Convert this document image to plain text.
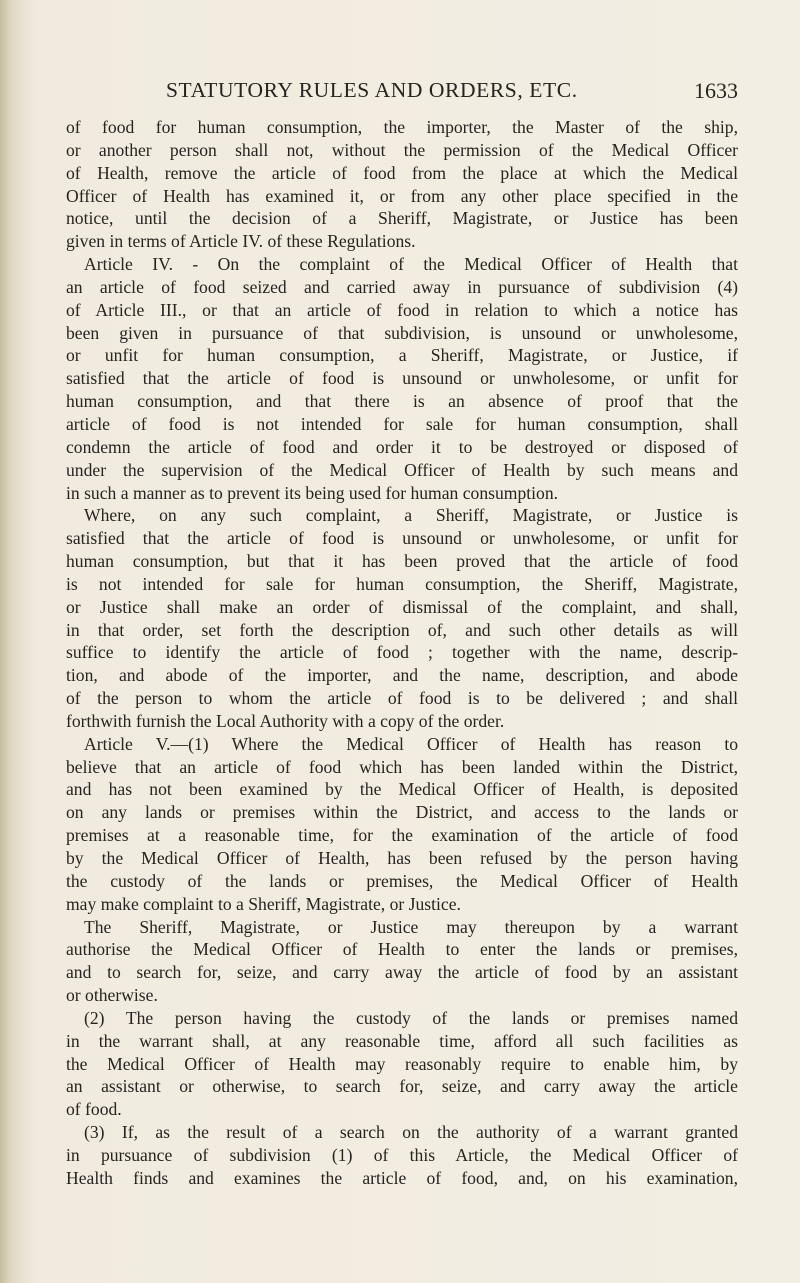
STATUTORY RULES AND ORDERS, ETC.	1633
of food for human consumption, the importer, the Master of the ship,
or another person shall not, without the permission of the Medical Officer
of Health, remove the article of food from the place at which the Medical
Officer of Health has examined it, or from any other place specified in the
notice, until the decision of a Sheriff, Magistrate, or Justice has been
given in terms of Article IV. of these Regulations.
Article IV. - On the complaint of the Medical Officer of Health that
an article of food seized and carried away in pursuance of subdivision (4)
of Article III., or that an article of food in relation to which a notice has
been given in pursuance of that subdivision, is unsound or unwholesome,
or unfit for human consumption, a Sheriff, Magistrate, or Justice, if
satisfied that the article of food is unsound or unwholesome, or unfit for
human consumption, and that there is an absence of proof that the
article of food is not intended for sale for human consumption, shall
condemn the article of food and order it to be destroyed or disposed of
under the supervision of the Medical Officer of Health by such means and
in such a manner as to prevent its being used for human consumption.
Where, on any such complaint, a Sheriff, Magistrate, or Justice is
satisfied that the article of food is unsound or unwholesome, or unfit for
human consumption, but that it has been proved that the article of food
is not intended for sale for human consumption, the Sheriff, Magistrate,
or Justice shall make an order of dismissal of the complaint, and shall,
in that order, set forth the description of, and such other details as will
suffice to identify the article of food ; together with the name, descrip-
tion, and abode of the importer, and the name, description, and abode
of the person to whom the article of food is to be delivered ; and shall
forthwith furnish the Local Authority with a copy of the order.
Article V.—(1) Where the Medical Officer of Health has reason to
believe that an article of food which has been landed within the District,
and has not been examined by the Medical Officer of Health, is deposited
on any lands or premises within the District, and access to the lands or
premises at a reasonable time, for the examination of the article of food
by the Medical Officer of Health, has been refused by the person having
the custody of the lands or premises, the Medical Officer of Health
may make complaint to a Sheriff, Magistrate, or Justice.
The Sheriff, Magistrate, or Justice may thereupon by a warrant
authorise the Medical Officer of Health to enter the lands or premises,
and to search for, seize, and carry away the article of food by an assistant
or otherwise.
(2) The person having the custody of the lands or premises named
in the warrant shall, at any reasonable time, afford all such facilities as
the Medical Officer of Health may reasonably require to enable him, by
an assistant or otherwise, to search for, seize, and carry away the article
of food.
(3) If, as the result of a search on the authority of a warrant granted
in pursuance of subdivision (1) of this Article, the Medical Officer of
Health finds and examines the article of food, and, on his examination,
